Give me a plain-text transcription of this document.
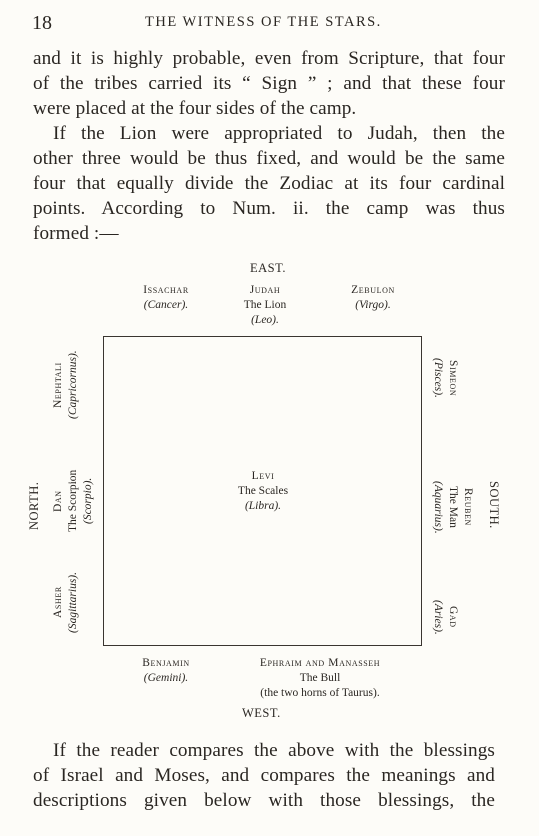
18	THE WITNESS OF THE STARS.
and it is highly probable, even from Scripture, that four
of the tribes carried its “ Sign ” ; and that these four
were placed at the four sides of the camp.
If the Lion were appropriated to Judah, then the
other three would be thus fixed, and would be the same
four that equally divide the Zodiac at its four cardinal
points. According to Num. ii. the camp was thus
formed :—
EAST.
Issachar
(Cancer).
Judah
The Lion
(Leo).
Zebulon
(Virgo).
Levi
The Scales
(Libra).
NORTH.
Nephtali (Capricornus).
Dan The Scorpion (Scorpio).
Asher (Sagittarius).
Simeon
(Pisces).
Reuben
The Man
(Aquarius).	SOUTH.
Gad
(Aries).
Benjamin
(Gemini).
Ephraim and Manasseh
The Bull
(the two horns of Taurus).
WEST.
If the reader compares the above with the blessings
of Israel and Moses, and compares the meanings and
descriptions given below with those blessings, the
